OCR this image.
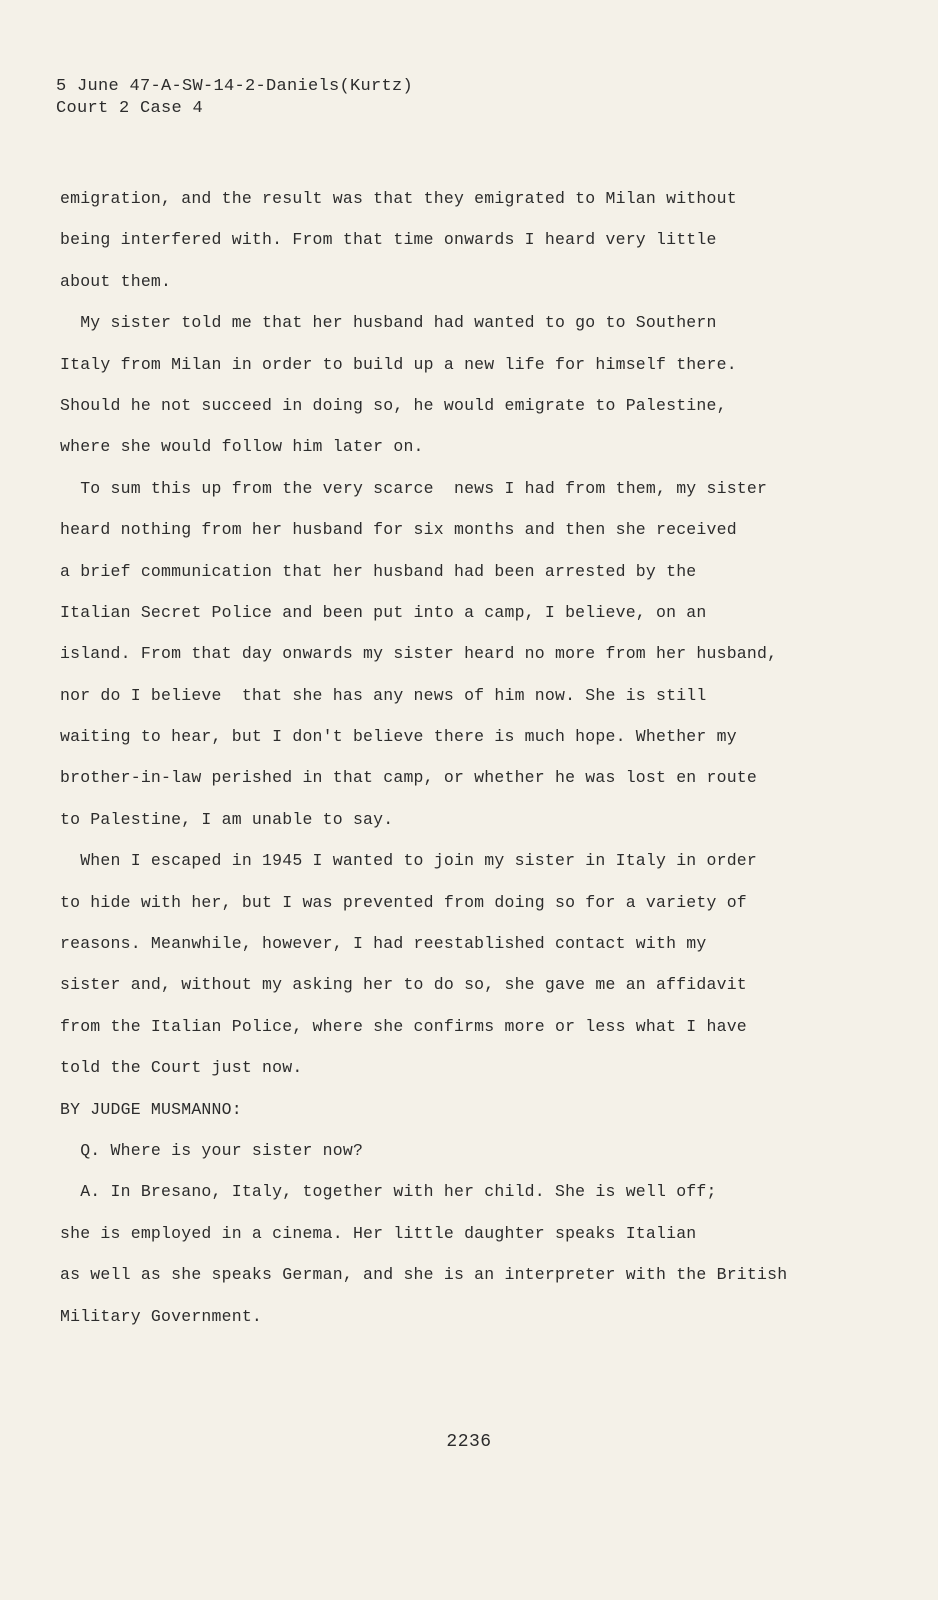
5 June 47-A-SW-14-2-Daniels(Kurtz)
Court 2 Case 4
emigration, and the result was that they emigrated to Milan without
being interfered with. From that time onwards I heard very little
about them.
My sister told me that her husband had wanted to go to Southern
Italy from Milan in order to build up a new life for himself there.
Should he not succeed in doing so, he would emigrate to Palestine,
where she would follow him later on.
To sum this up from the very scarce  news I had from them, my sister
heard nothing from her husband for six months and then she received
a brief communication that her husband had been arrested by the
Italian Secret Police and been put into a camp, I believe, on an
island. From that day onwards my sister heard no more from her husband,
nor do I believe  that she has any news of him now. She is still
waiting to hear, but I don't believe there is much hope. Whether my
brother-in-law perished in that camp, or whether he was lost en route
to Palestine, I am unable to say.
When I escaped in 1945 I wanted to join my sister in Italy in order
to hide with her, but I was prevented from doing so for a variety of
reasons. Meanwhile, however, I had reestablished contact with my
sister and, without my asking her to do so, she gave me an affidavit
from the Italian Police, where she confirms more or less what I have
told the Court just now.
BY JUDGE MUSMANNO:
Q. Where is your sister now?
A. In Bresano, Italy, together with her child. She is well off;
she is employed in a cinema. Her little daughter speaks Italian
as well as she speaks German, and she is an interpreter with the British
Military Government.
2236
